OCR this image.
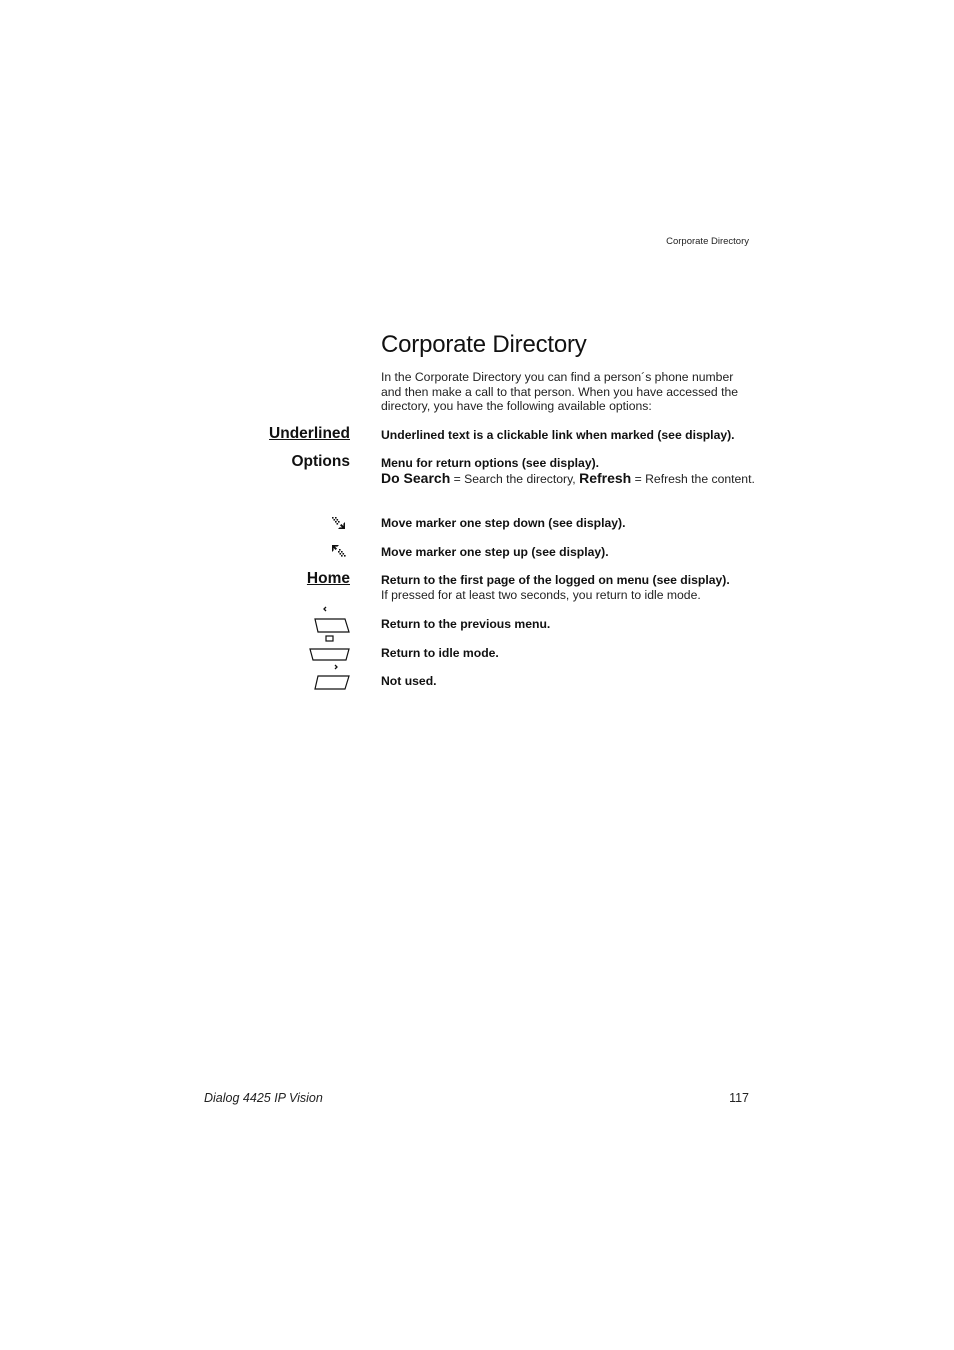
Corporate Directory
Corporate Directory
In the Corporate Directory you can find a person´s phone number and then make a call to that person. When you have accessed the directory, you have the following available options:
Underlined	Underlined text is a clickable link when marked (see display).
Options	Menu for return options (see display).
Do Search = Search the directory, Refresh = Refresh the content.
Move marker one step down (see display).
Move marker one step up (see display).
Home	Return to the first page of the logged on menu (see display).
If pressed for at least two seconds, you return to idle mode.
Return to the previous menu.
Return to idle mode.
Not used.
Dialog 4425 IP Vision	117
